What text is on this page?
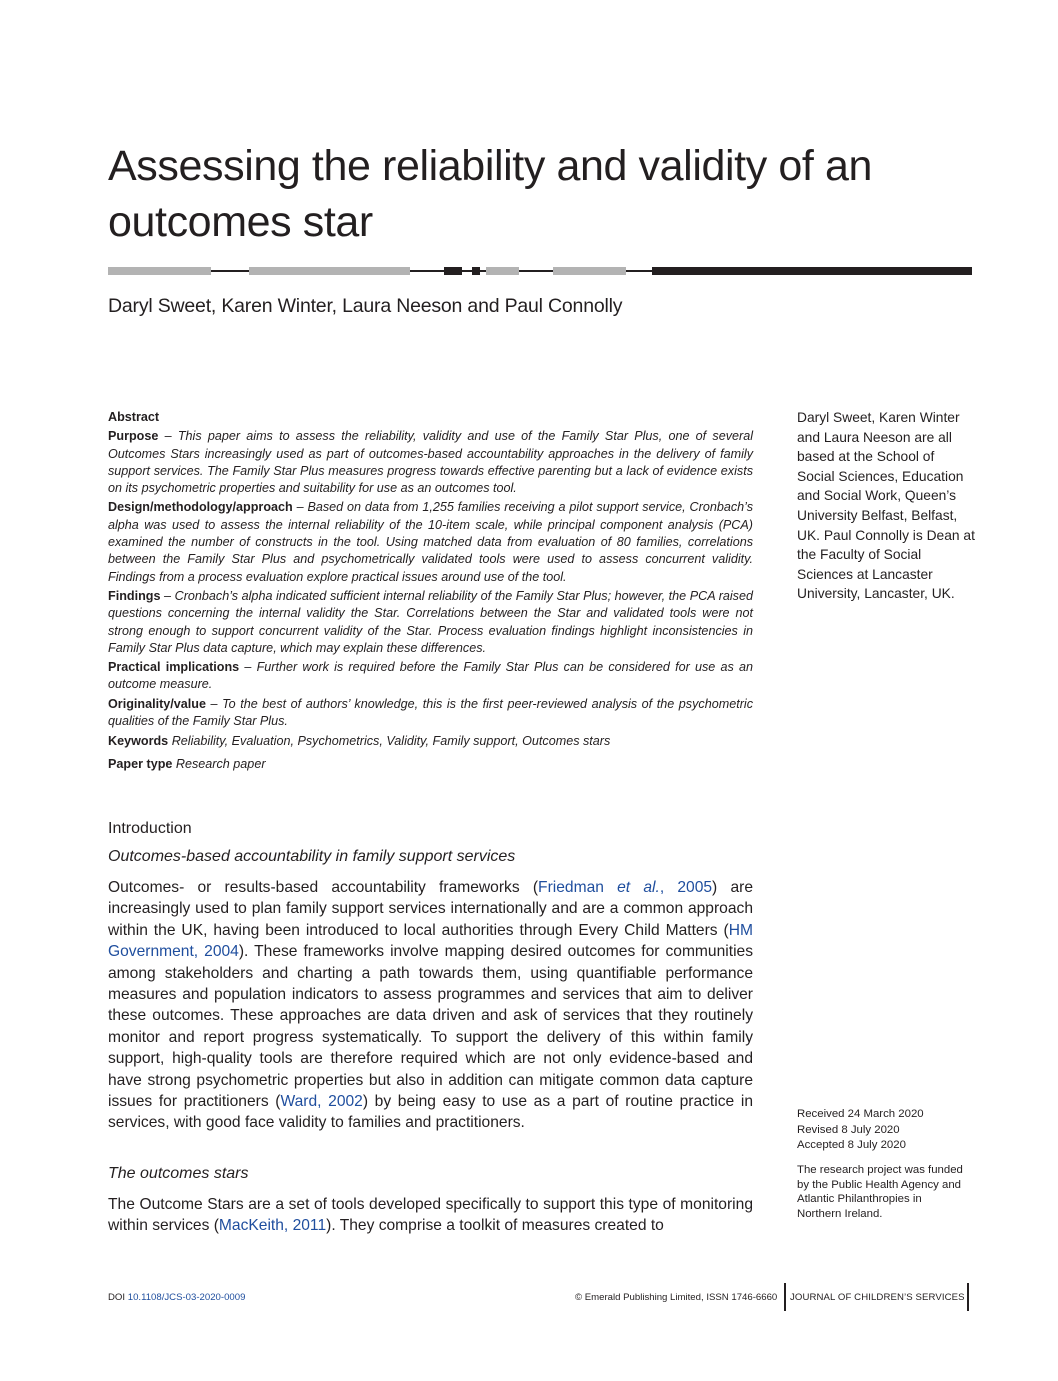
Assessing the reliability and validity of an outcomes star
Daryl Sweet, Karen Winter, Laura Neeson and Paul Connolly

Abstract

Purpose – This paper aims to assess the reliability, validity and use of the Family Star Plus, one of several Outcomes Stars increasingly used as part of outcomes-based accountability approaches in the delivery of family support services. The Family Star Plus measures progress towards effective parenting but a lack of evidence exists on its psychometric properties and suitability for use as an outcomes tool.

Design/methodology/approach – Based on data from 1,255 families receiving a pilot support service, Cronbach’s alpha was used to assess the internal reliability of the 10-item scale, while principal component analysis (PCA) examined the number of constructs in the tool. Using matched data from evaluation of 80 families, correlations between the Family Star Plus and psychometrically validated tools were used to assess concurrent validity. Findings from a process evaluation explore practical issues around use of the tool.

Findings – Cronbach’s alpha indicated sufficient internal reliability of the Family Star Plus; however, the PCA raised questions concerning the internal validity the Star. Correlations between the Star and validated tools were not strong enough to support concurrent validity of the Star. Process evaluation findings highlight inconsistencies in Family Star Plus data capture, which may explain these differences.

Practical implications – Further work is required before the Family Star Plus can be considered for use as an outcome measure.

Originality/value – To the best of authors’ knowledge, this is the first peer-reviewed analysis of the psychometric qualities of the Family Star Plus.

Keywords Reliability, Evaluation, Psychometrics, Validity, Family support, Outcomes stars

Paper type Research paper

Daryl Sweet, Karen Winter and Laura Neeson are all based at the School of Social Sciences, Education and Social Work, Queen’s University Belfast, Belfast, UK. Paul Connolly is Dean at the Faculty of Social Sciences at Lancaster University, Lancaster, UK.

Introduction
Outcomes-based accountability in family support services

Outcomes- or results-based accountability frameworks (Friedman et al., 2005) are increasingly used to plan family support services internationally and are a common approach within the UK, having been introduced to local authorities through Every Child Matters (HM Government, 2004). These frameworks involve mapping desired outcomes for communities among stakeholders and charting a path towards them, using quantifiable performance measures and population indicators to assess programmes and services that aim to deliver these outcomes. These approaches are data driven and ask of services that they routinely monitor and report progress systematically. To support the delivery of this within family support, high-quality tools are therefore required which are not only evidence-based and have strong psychometric properties but also in addition can mitigate common data capture issues for practitioners (Ward, 2002) by being easy to use as a part of routine practice in services, with good face validity to families and practitioners.

The outcomes stars

The Outcome Stars are a set of tools developed specifically to support this type of monitoring within services (MacKeith, 2011). They comprise a toolkit of measures created to

Received 24 March 2020
Revised 8 July 2020
Accepted 8 July 2020

The research project was funded by the Public Health Agency and Atlantic Philanthropies in Northern Ireland.

DOI 10.1108/JCS-03-2020-0009	© Emerald Publishing Limited, ISSN 1746-6660 JOURNAL OF CHILDREN’S SERVICES
